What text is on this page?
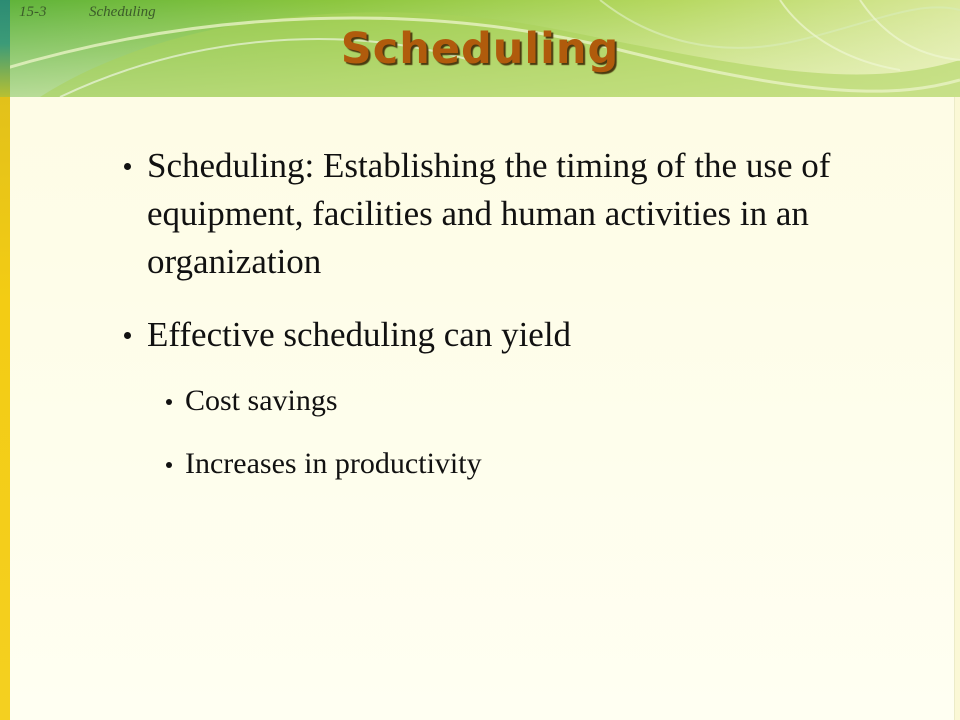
15-3	Scheduling
Scheduling
Scheduling: Establishing the timing of the use of equipment, facilities and human activities in an organization
Effective scheduling can yield
Cost savings
Increases in productivity
